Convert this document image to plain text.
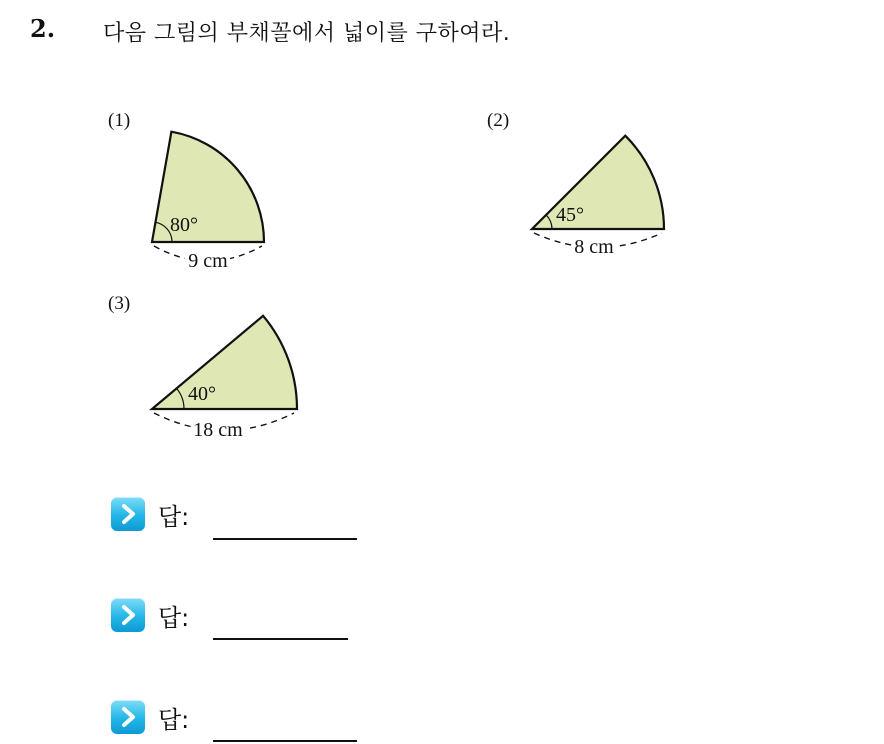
2. 다음 그림의 부채꼴에서 넓이를 구하여라.
(1)	(2)
(3)
80°
9 cm
45°
8 cm
40°
18 cm
답:
답:
답:
